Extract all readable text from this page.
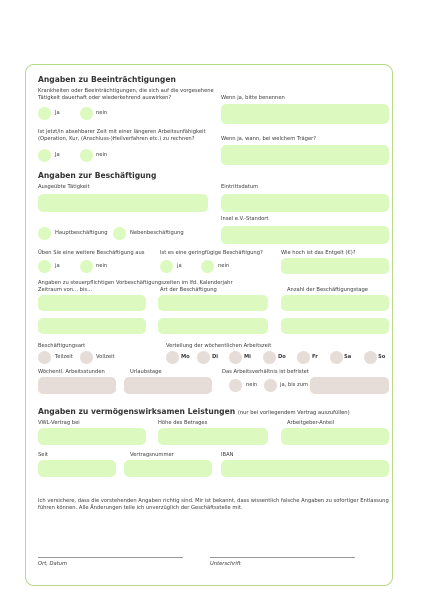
Angaben zu Beeinträchtigungen
Krankheiten oder Beeinträchtigungen, die sich auf die vorgesehene
Tätigkeit dauerhaft oder wiederkehrend auswirken?	Wenn ja, bitte benennen
Ja	nein
Ist jetzt/in absehbarer Zeit mit einer längeren Arbeitsunfähigkeit
(Operation, Kur, (Anschluss-)Heilverfahren etc.) zu rechnen?	Wenn ja, wann, bei welchem Träger?
Ja	nein
Angaben zur Beschäftigung
Ausgeübte Tätigkeit	Eintrittsdatum
Insel e.V.-Standort
Hauptbeschäftigung	Nebenbeschäftigung
Üben Sie eine weitere Beschäftigung aus	Ist es eine geringfügige Beschäftigung?	Wie hoch ist das Entgelt (€)?
ja	nein	ja	nein
Angaben zu steuerpflichtigen Vorbeschäftigungszeiten im lfd. Kalenderjahr
Zeitraum von... bis...	Art der Beschäftigung	Anzahl der Beschäftigungstage
Beschäftigungsart	Verteilung der wöchentlichen Arbeitszeit
Teilzeit	Vollzeit	Mo	Di	Mi	Do	Fr	Sa	So
Wöchentl. Arbeitsstunden	Urlaubstage	Das Arbeitsverhältnis ist befristet
nein	ja, bis zum
Angaben zu vermögenswirksamen Leistungen (nur bei vorliegendem Vertrag auszufüllen)
VWL-Vertrag bei	Höhe des Betrages	Arbeitgeber-Anteil
Seit	Vertragsnummer	IBAN
Ich versichere, dass die vorstehenden Angaben richtig sind. Mir ist bekannt, dass wissentlich falsche Angaben zu sofortiger Entlassung
führen können. Alle Änderungen teile ich unverzüglich der Geschäftsstelle mit.
Ort, Datum	Unterschrift
